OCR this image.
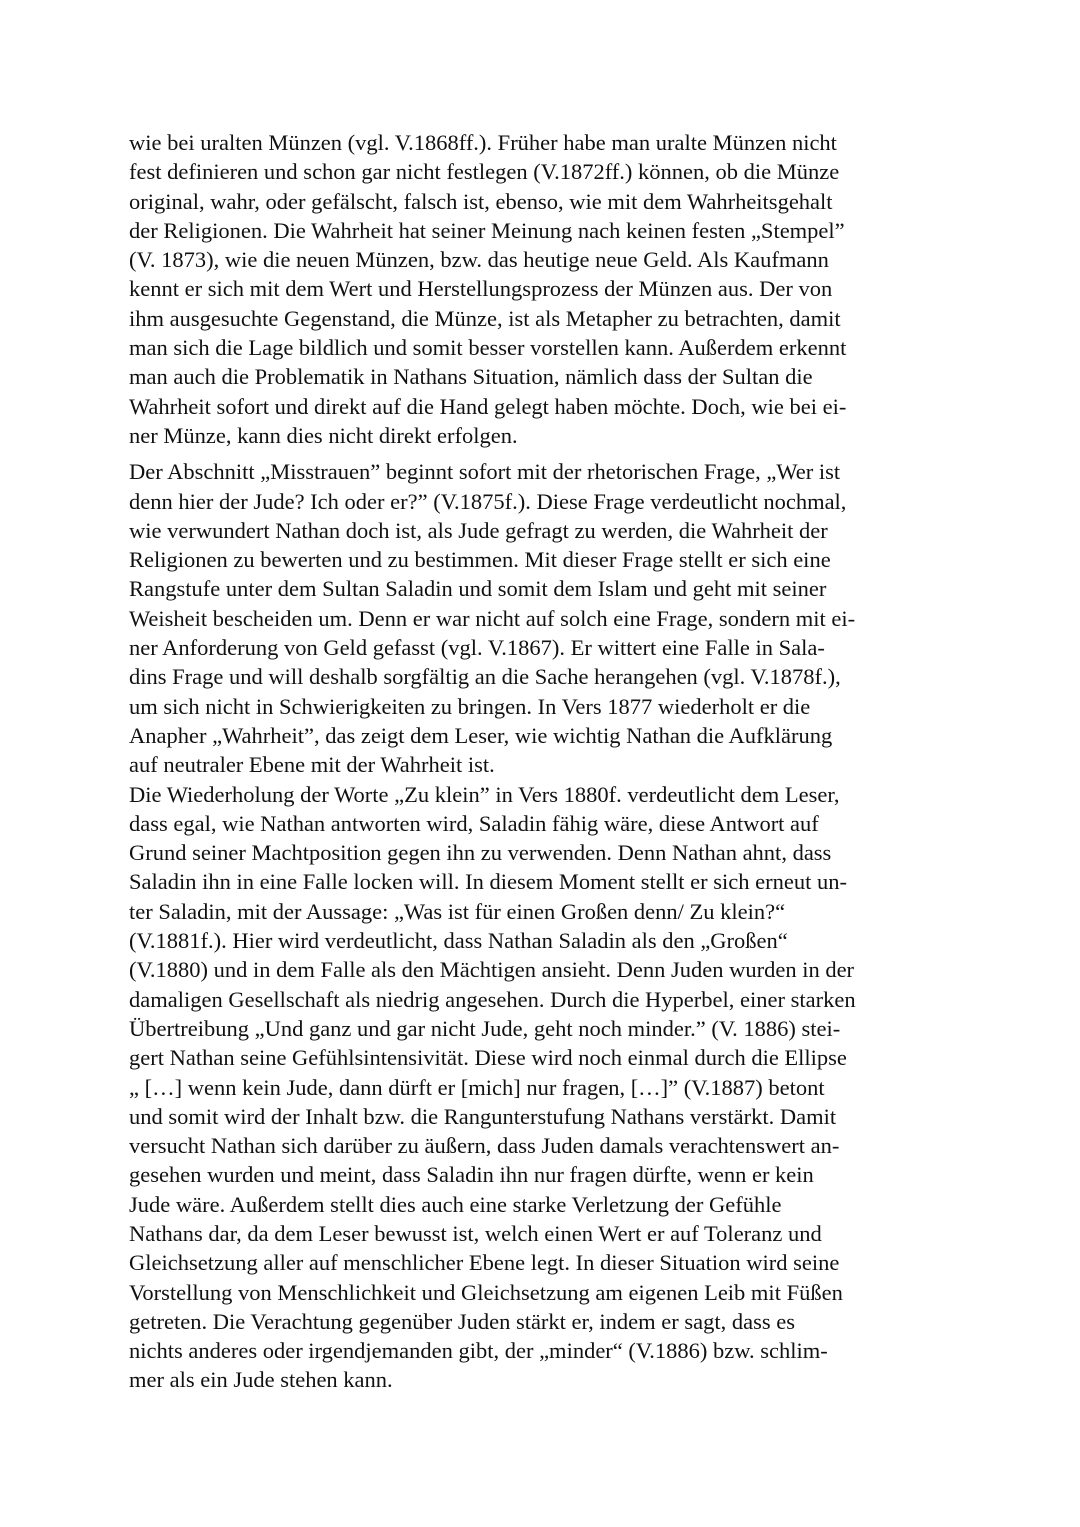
wie bei uralten Münzen (vgl. V.1868ff.). Früher habe man uralte Münzen nicht
fest definieren und schon gar nicht festlegen (V.1872ff.) können, ob die Münze
original, wahr, oder gefälscht, falsch ist, ebenso, wie mit dem Wahrheitsgehalt
der Religionen. Die Wahrheit hat seiner Meinung nach keinen festen „Stempel”
(V. 1873), wie die neuen Münzen, bzw. das heutige neue Geld. Als Kaufmann
kennt er sich mit dem Wert und Herstellungsprozess der Münzen aus. Der von
ihm ausgesuchte Gegenstand, die Münze, ist als Metapher zu betrachten, damit
man sich die Lage bildlich und somit besser vorstellen kann. Außerdem erkennt
man auch die Problematik in Nathans Situation, nämlich dass der Sultan die
Wahrheit sofort und direkt auf die Hand gelegt haben möchte. Doch, wie bei ei-
ner Münze, kann dies nicht direkt erfolgen.
Der Abschnitt „Misstrauen” beginnt sofort mit der rhetorischen Frage, „Wer ist
denn hier der Jude? Ich oder er?” (V.1875f.). Diese Frage verdeutlicht nochmal,
wie verwundert Nathan doch ist, als Jude gefragt zu werden, die Wahrheit der
Religionen zu bewerten und zu bestimmen. Mit dieser Frage stellt er sich eine
Rangstufe unter dem Sultan Saladin und somit dem Islam und geht mit seiner
Weisheit bescheiden um. Denn er war nicht auf solch eine Frage, sondern mit ei-
ner Anforderung von Geld gefasst (vgl. V.1867). Er wittert eine Falle in Sala-
dins Frage und will deshalb sorgfältig an die Sache herangehen (vgl. V.1878f.),
um sich nicht in Schwierigkeiten zu bringen. In Vers 1877 wiederholt er die
Anapher „Wahrheit”, das zeigt dem Leser, wie wichtig Nathan die Aufklärung
auf neutraler Ebene mit der Wahrheit ist.
Die Wiederholung der Worte „Zu klein” in Vers 1880f. verdeutlicht dem Leser,
dass egal, wie Nathan antworten wird, Saladin fähig wäre, diese Antwort auf
Grund seiner Machtposition gegen ihn zu verwenden. Denn Nathan ahnt, dass
Saladin ihn in eine Falle locken will. In diesem Moment stellt er sich erneut un-
ter Saladin, mit der Aussage: „Was ist für einen Großen denn/ Zu klein?“
(V.1881f.). Hier wird verdeutlicht, dass Nathan Saladin als den „Großen“
(V.1880) und in dem Falle als den Mächtigen ansieht. Denn Juden wurden in der
damaligen Gesellschaft als niedrig angesehen. Durch die Hyperbel, einer starken
Übertreibung „Und ganz und gar nicht Jude, geht noch minder.” (V. 1886) stei-
gert Nathan seine Gefühlsintensivität. Diese wird noch einmal durch die Ellipse
„ […] wenn kein Jude, dann dürft er [mich] nur fragen, […]” (V.1887) betont
und somit wird der Inhalt bzw. die Rangunterstufung Nathans verstärkt. Damit
versucht Nathan sich darüber zu äußern, dass Juden damals verachtenswert an-
gesehen wurden und meint, dass Saladin ihn nur fragen dürfte, wenn er kein
Jude wäre. Außerdem stellt dies auch eine starke Verletzung der Gefühle
Nathans dar, da dem Leser bewusst ist, welch einen Wert er auf Toleranz und
Gleichsetzung aller auf menschlicher Ebene legt. In dieser Situation wird seine
Vorstellung von Menschlichkeit und Gleichsetzung am eigenen Leib mit Füßen
getreten. Die Verachtung gegenüber Juden stärkt er, indem er sagt, dass es
nichts anderes oder irgendjemanden gibt, der „minder“ (V.1886) bzw. schlim-
mer als ein Jude stehen kann.
